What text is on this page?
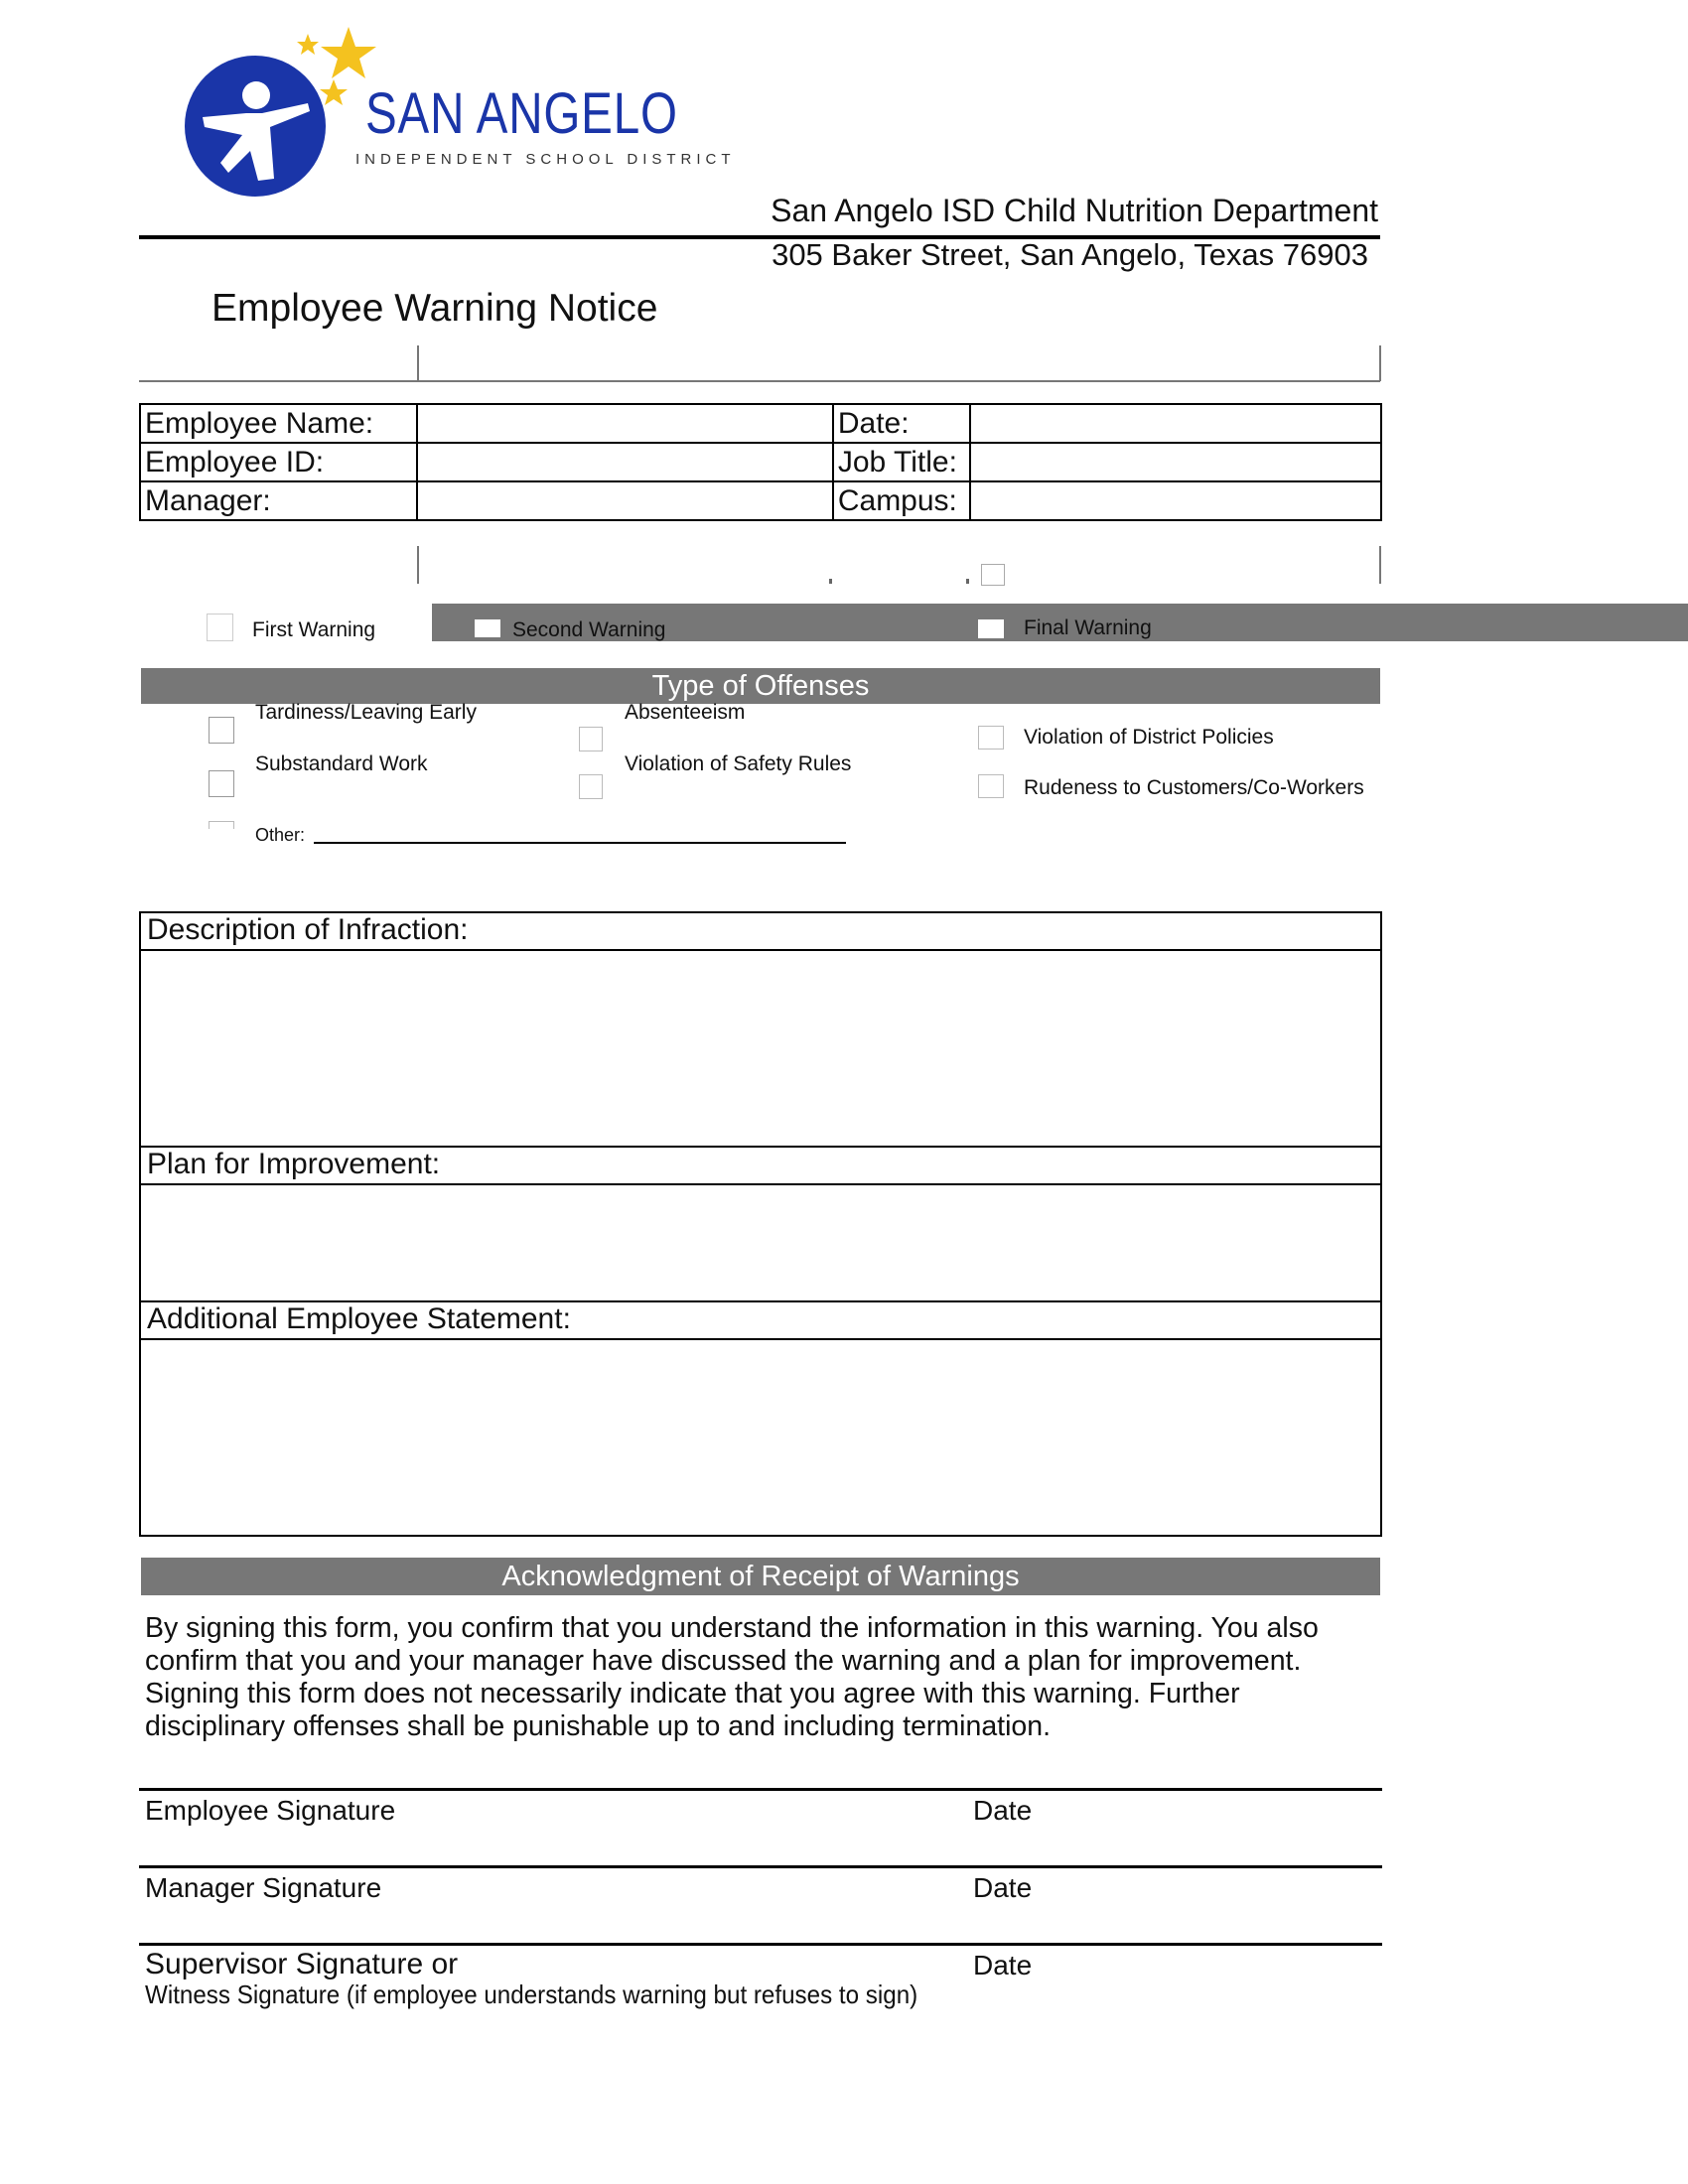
SAN ANGELO
INDEPENDENT SCHOOL DISTRICT
San Angelo ISD Child Nutrition Department
305 Baker Street, San Angelo, Texas 76903
Employee Warning Notice
Employee Name:		Date:	
Employee ID:		Job Title:	
Manager:		Campus:	
First Warning	Second Warning	Final Warning
Type of Offenses
Tardiness/Leaving Early	Absenteeism
Violation of District Policies
Substandard Work	Violation of Safety Rules
Rudeness to Customers/Co-Workers
Other:
Description of Infraction:
Plan for Improvement:
Additional Employee Statement:
Acknowledgment of Receipt of Warnings
By signing this form, you confirm that you understand the information in this warning. You also
confirm that you and your manager have discussed the warning and a plan for improvement.
Signing this form does not necessarily indicate that you agree with this warning. Further
disciplinary offenses shall be punishable up to and including termination.
Employee Signature	Date
Manager Signature	Date
Supervisor Signature or
Witness Signature (if employee understands warning but refuses to sign)
Date
